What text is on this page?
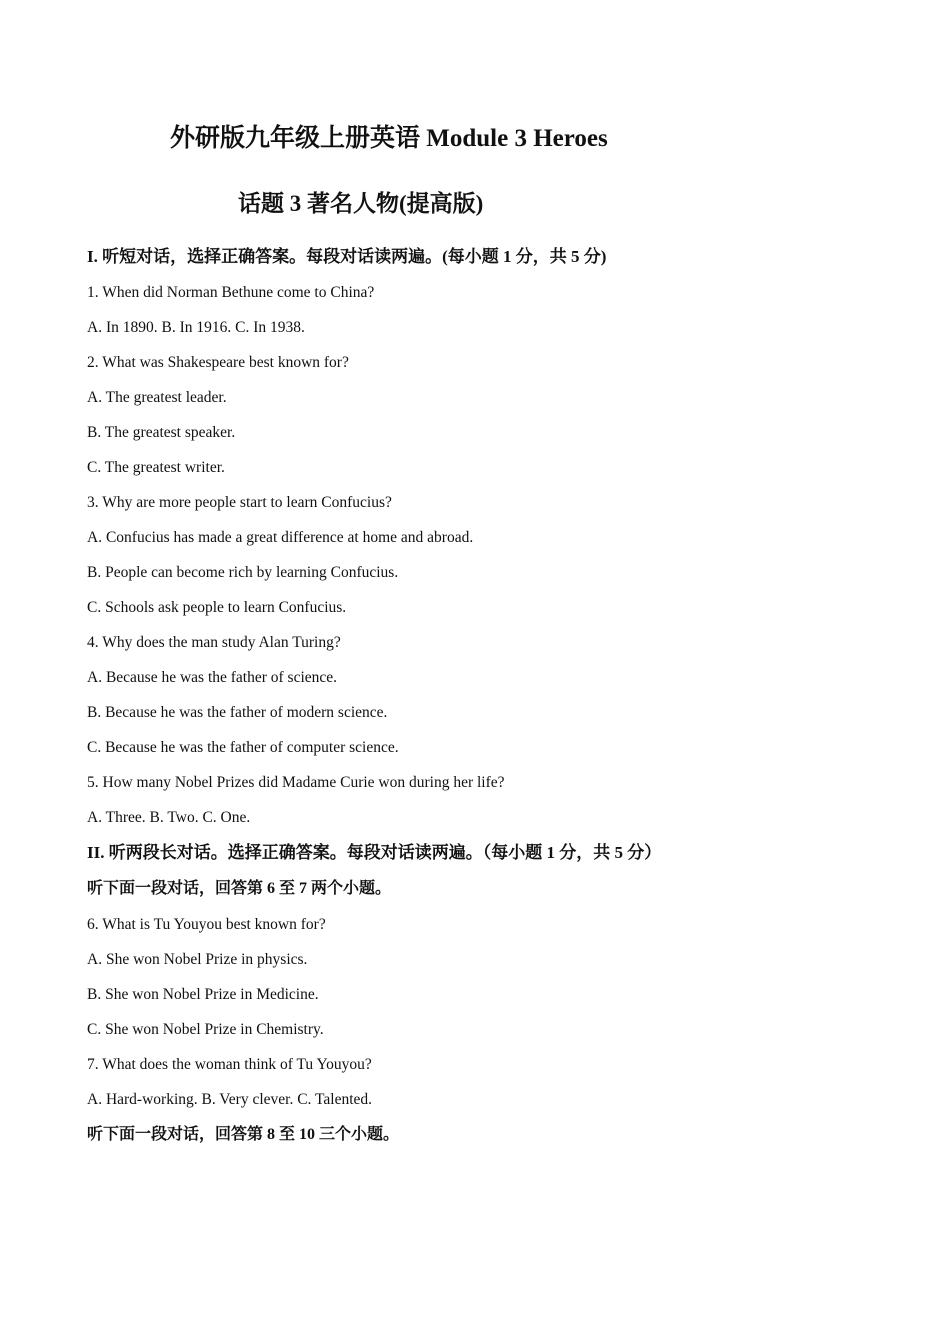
外研版九年级上册英语 Module 3 Heroes
话题 3 著名人物(提高版)
I. 听短对话，选择正确答案。每段对话读两遍。(每小题 1 分，共 5 分)
1. When did Norman Bethune come to China?
A. In 1890. B. In 1916. C. In 1938.
2. What was Shakespeare best known for?
A. The greatest leader.
B. The greatest speaker.
C. The greatest writer.
3. Why are more people start to learn Confucius?
A. Confucius has made a great difference at home and abroad.
B. People can become rich by learning Confucius.
C. Schools ask people to learn Confucius.
4. Why does the man study Alan Turing?
A. Because he was the father of science.
B. Because he was the father of modern science.
C. Because he was the father of computer science.
5. How many Nobel Prizes did Madame Curie won during her life?
A. Three. B. Two. C. One.
II. 听两段长对话。选择正确答案。每段对话读两遍。（每小题 1 分，共 5 分）
听下面一段对话，回答第 6 至 7 两个小题。
6. What is Tu Youyou best known for?
A. She won Nobel Prize in physics.
B. She won Nobel Prize in Medicine.
C. She won Nobel Prize in Chemistry.
7. What does the woman think of Tu Youyou?
A. Hard-working. B. Very clever. C. Talented.
听下面一段对话，回答第 8 至 10 三个小题。
